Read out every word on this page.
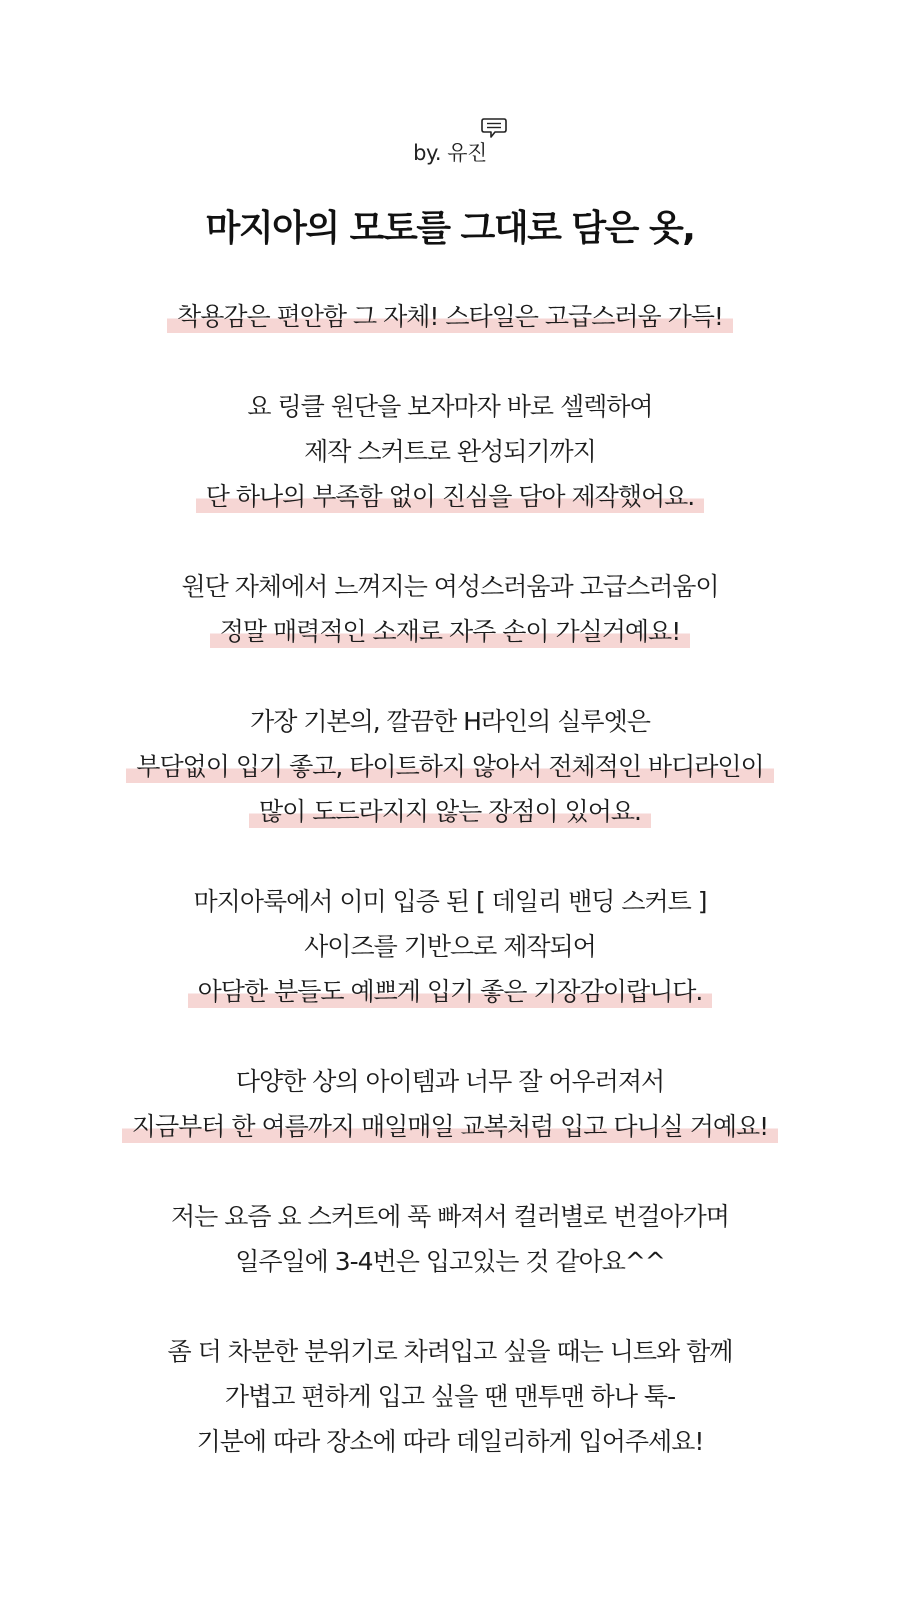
by. 유진
마지아의 모토를 그대로 담은 옷,
착용감은 편안함 그 자체! 스타일은 고급스러움 가득!
요 링클 원단을 보자마자 바로 셀렉하여
제작 스커트로 완성되기까지
단 하나의 부족함 없이 진심을 담아 제작했어요.
원단 자체에서 느껴지는 여성스러움과 고급스러움이
정말 매력적인 소재로 자주 손이 가실거예요!
가장 기본의, 깔끔한 H라인의 실루엣은
부담없이 입기 좋고, 타이트하지 않아서 전체적인 바디라인이
많이 도드라지지 않는 장점이 있어요.
마지아룩에서 이미 입증 된 [ 데일리 밴딩 스커트 ]
사이즈를 기반으로 제작되어
아담한 분들도 예쁘게 입기 좋은 기장감이랍니다.
다양한 상의 아이템과 너무 잘 어우러져서
지금부터 한 여름까지 매일매일 교복처럼 입고 다니실 거예요!
저는 요즘 요 스커트에 푹 빠져서 컬러별로 번걸아가며
일주일에 3-4번은 입고있는 것 같아요^^
좀 더 차분한 분위기로 차려입고 싶을 때는 니트와 함께
가볍고 편하게 입고 싶을 땐 맨투맨 하나 툭-
기분에 따라 장소에 따라 데일리하게 입어주세요!
